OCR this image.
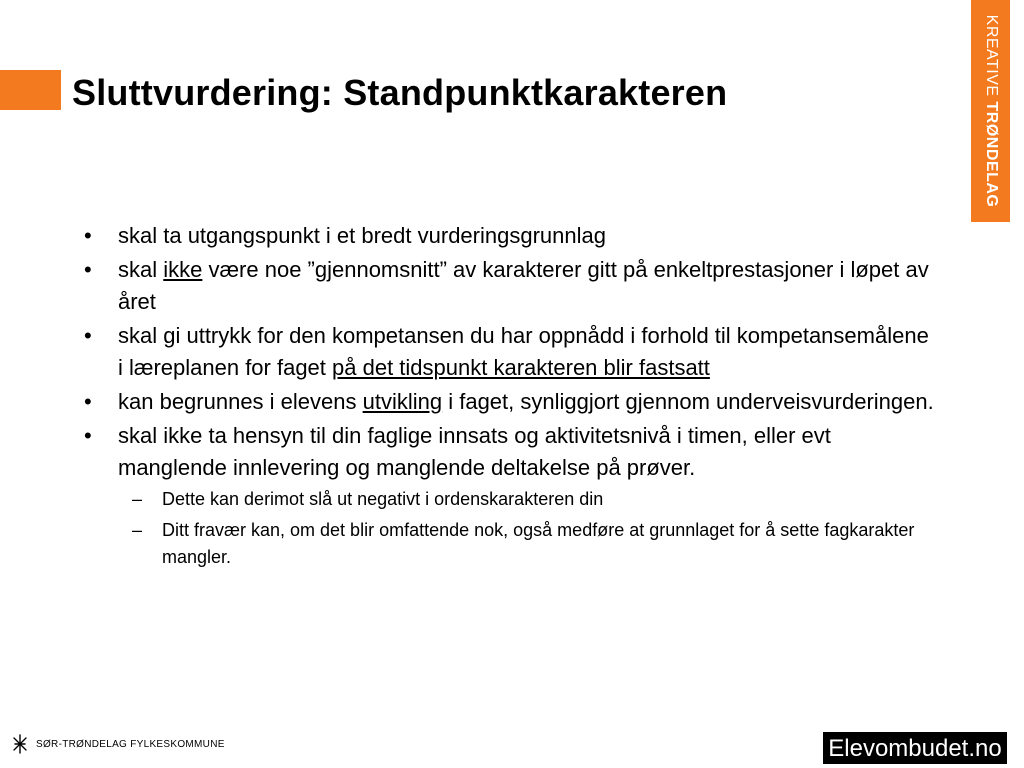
Sluttvurdering: Standpunktkarakteren	KREATIVE TRØNDELAG
• skal ta utgangspunkt i et bredt vurderingsgrunnlag
• skal ikke være noe ”gjennomsnitt” av karakterer gitt på enkeltprestasjoner i løpet av året
• skal gi uttrykk for den kompetansen du har oppnådd i forhold til kompetansemålene i læreplanen for faget på det tidspunkt karakteren blir fastsatt
• kan begrunnes i elevens utvikling i faget, synliggjort gjennom underveisvurderingen.
• skal ikke ta hensyn til din faglige innsats og aktivitetsnivå i timen, eller evt manglende innlevering og manglende deltakelse på prøver.
– Dette kan derimot slå ut negativt i ordenskarakteren din
– Ditt fravær kan, om det blir omfattende nok, også medføre at grunnlaget for å sette fagkarakter mangler.
SØR-TRØNDELAG FYLKESKOMMUNE	Elevombudet.no
